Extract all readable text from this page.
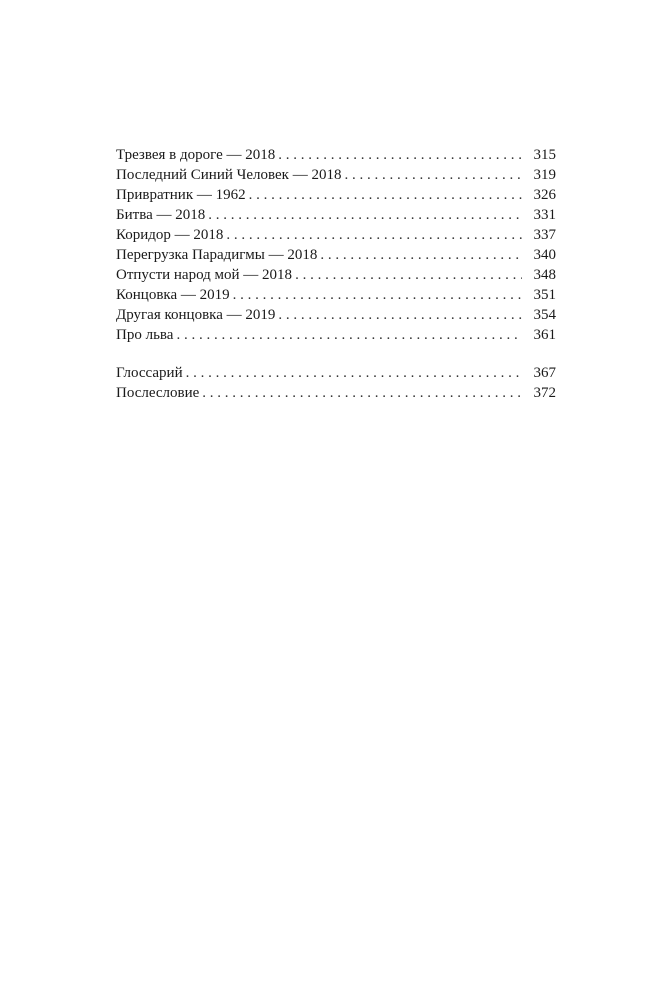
Трезвея в дороге — 2018 . . .	315
Последний Синий Человек — 2018 . . .	319
Привратник — 1962 . . .	326
Битва — 2018 . . .	331
Коридор — 2018 . . .	337
Перегрузка Парадигмы — 2018 . . .	340
Отпусти народ мой — 2018 . . .	348
Концовка — 2019 . . .	351
Другая концовка — 2019 . . .	354
Про льва . . .	361
Глоссарий . . .	367
Послесловие . . .	372
